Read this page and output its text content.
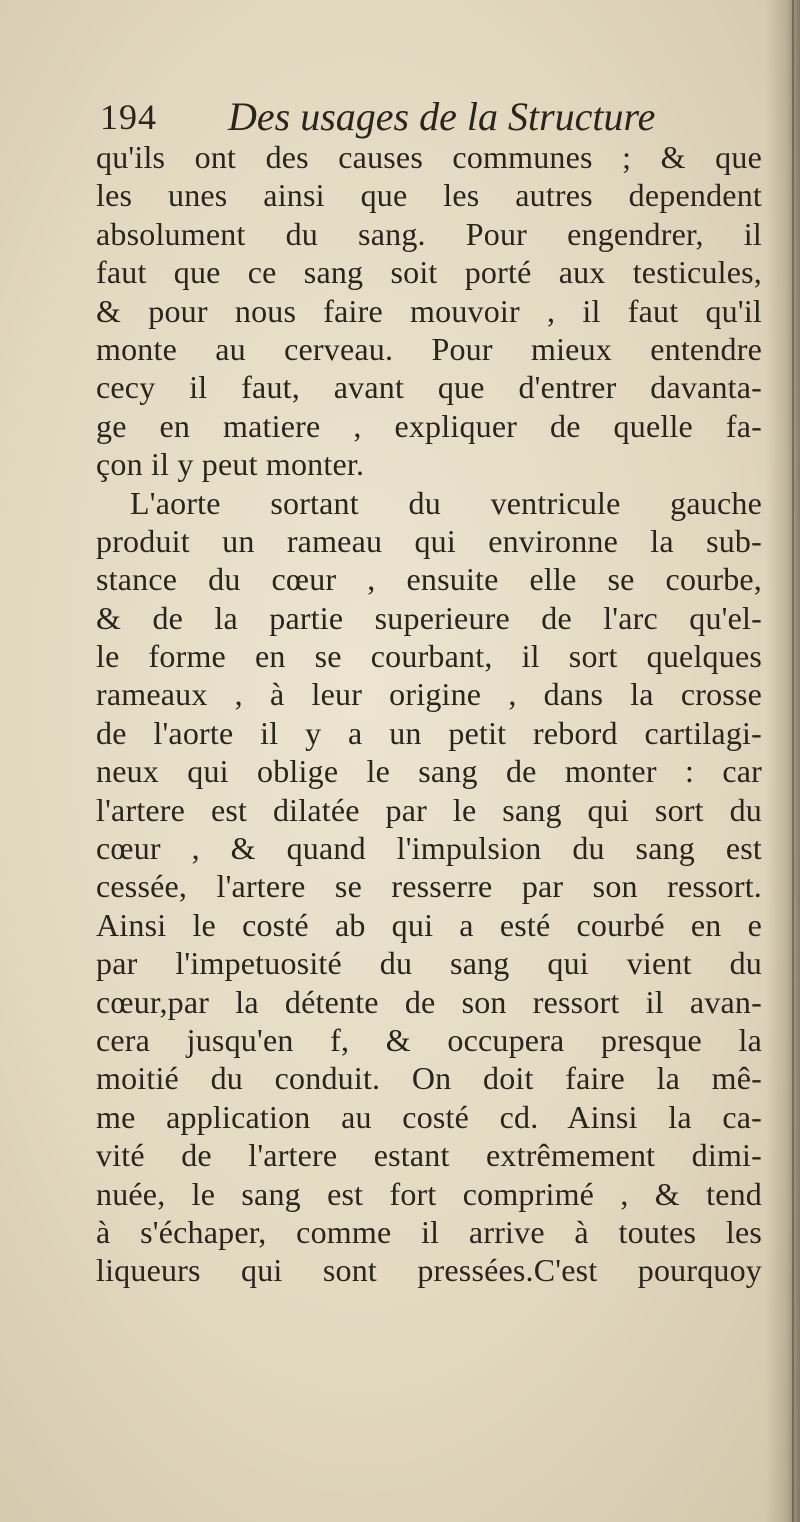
194 Des usages de la Structure
qu'ils ont des causes communes ; & que
les unes ainsi que les autres dependent
absolument du sang. Pour engendrer, il
faut que ce sang soit porté aux testicules,
& pour nous faire mouvoir , il faut qu'il
monte au cerveau. Pour mieux entendre
cecy il faut, avant que d'entrer davanta-
ge en matiere , expliquer de quelle fa-
çon il y peut monter.
L'aorte sortant du ventricule gauche
produit un rameau qui environne la sub-
stance du cœur , ensuite elle se courbe,
& de la partie superieure de l'arc qu'el-
le forme en se courbant, il sort quelques
rameaux , à leur origine , dans la crosse
de l'aorte il y a un petit rebord cartilagi-
neux qui oblige le sang de monter : car
l'artere est dilatée par le sang qui sort du
cœur , & quand l'impulsion du sang est
cessée, l'artere se resserre par son ressort.
Ainsi le costé ab qui a esté courbé en e
par l'impetuosité du sang qui vient du
cœur,par la détente de son ressort il avan-
cera jusqu'en f, & occupera presque la
moitié du conduit. On doit faire la mê-
me application au costé cd. Ainsi la ca-
vité de l'artere estant extrêmement dimi-
nuée, le sang est fort comprimé , & tend
à s'échaper, comme il arrive à toutes les
liqueurs qui sont pressées.C'est pourquoy
